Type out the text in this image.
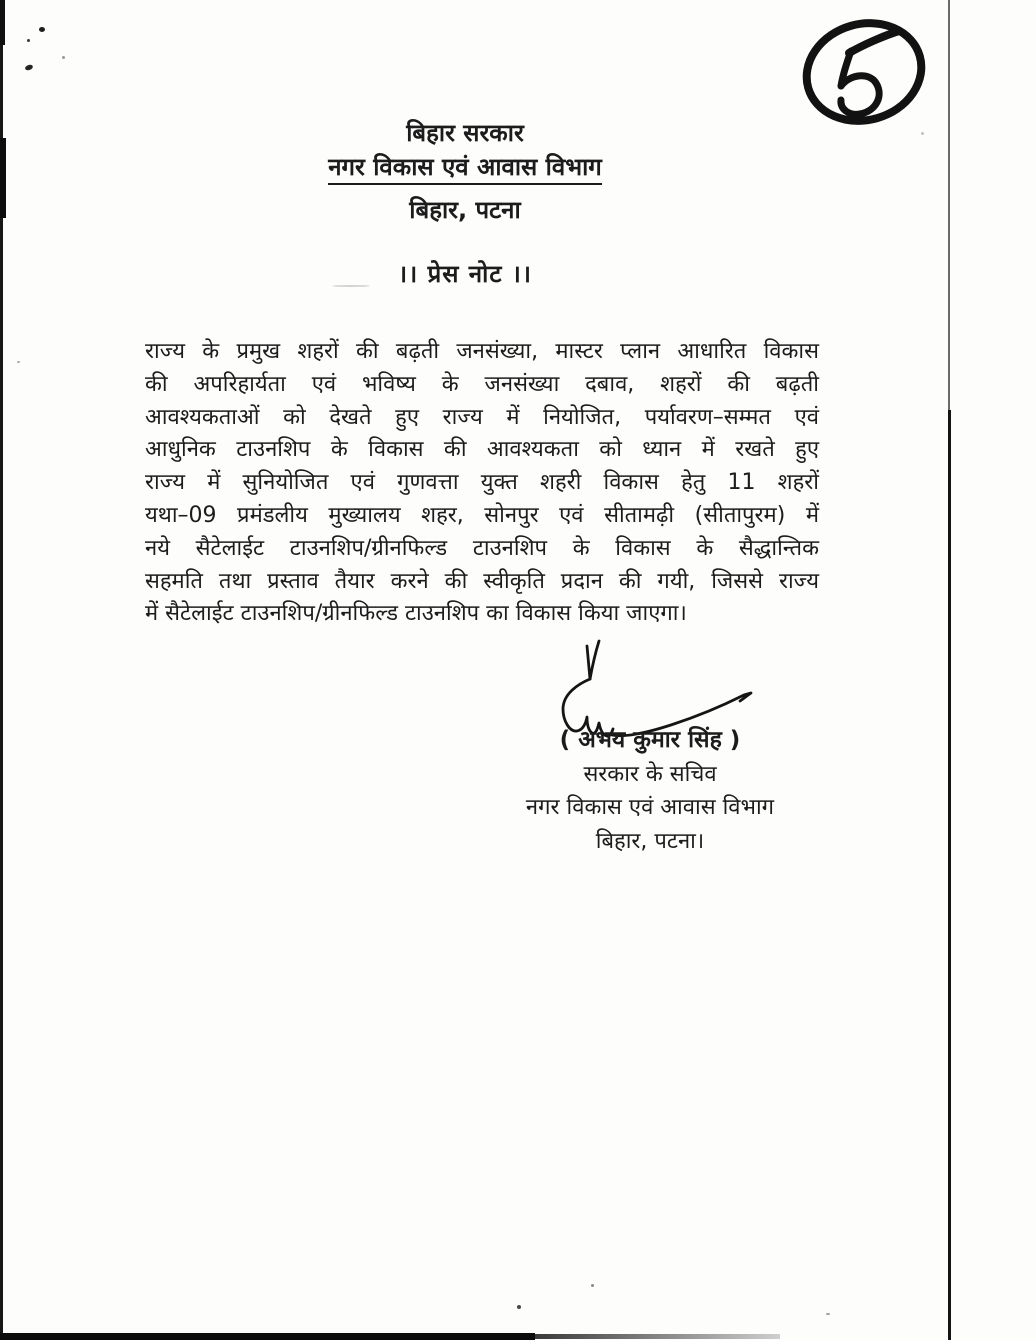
बिहार सरकार
नगर विकास एवं आवास विभाग
बिहार, पटना
।। प्रेस नोट ।।
राज्य के प्रमुख शहरों की बढ़ती जनसंख्या, मास्टर प्लान आधारित विकास
की अपरिहार्यता एवं भविष्य के जनसंख्या दबाव, शहरों की बढ़ती
आवश्यकताओं को देखते हुए राज्य में नियोजित, पर्यावरण–सम्मत एवं
आधुनिक टाउनशिप के विकास की आवश्यकता को ध्यान में रखते हुए
राज्य में सुनियोजित एवं गुणवत्ता युक्त शहरी विकास हेतु 11 शहरों
यथा–09 प्रमंडलीय मुख्यालय शहर, सोनपुर एवं सीतामढ़ी (सीतापुरम) में
नये सैटेलाईट टाउनशिप/ग्रीनफिल्ड टाउनशिप के विकास के सैद्धान्तिक
सहमति तथा प्रस्ताव तैयार करने की स्वीकृति प्रदान की गयी, जिससे राज्य
में सैटेलाईट टाउनशिप/ग्रीनफिल्ड टाउनशिप का विकास किया जाएगा।
( अभय कुमार सिंह )
सरकार के सचिव
नगर विकास एवं आवास विभाग
बिहार, पटना।
